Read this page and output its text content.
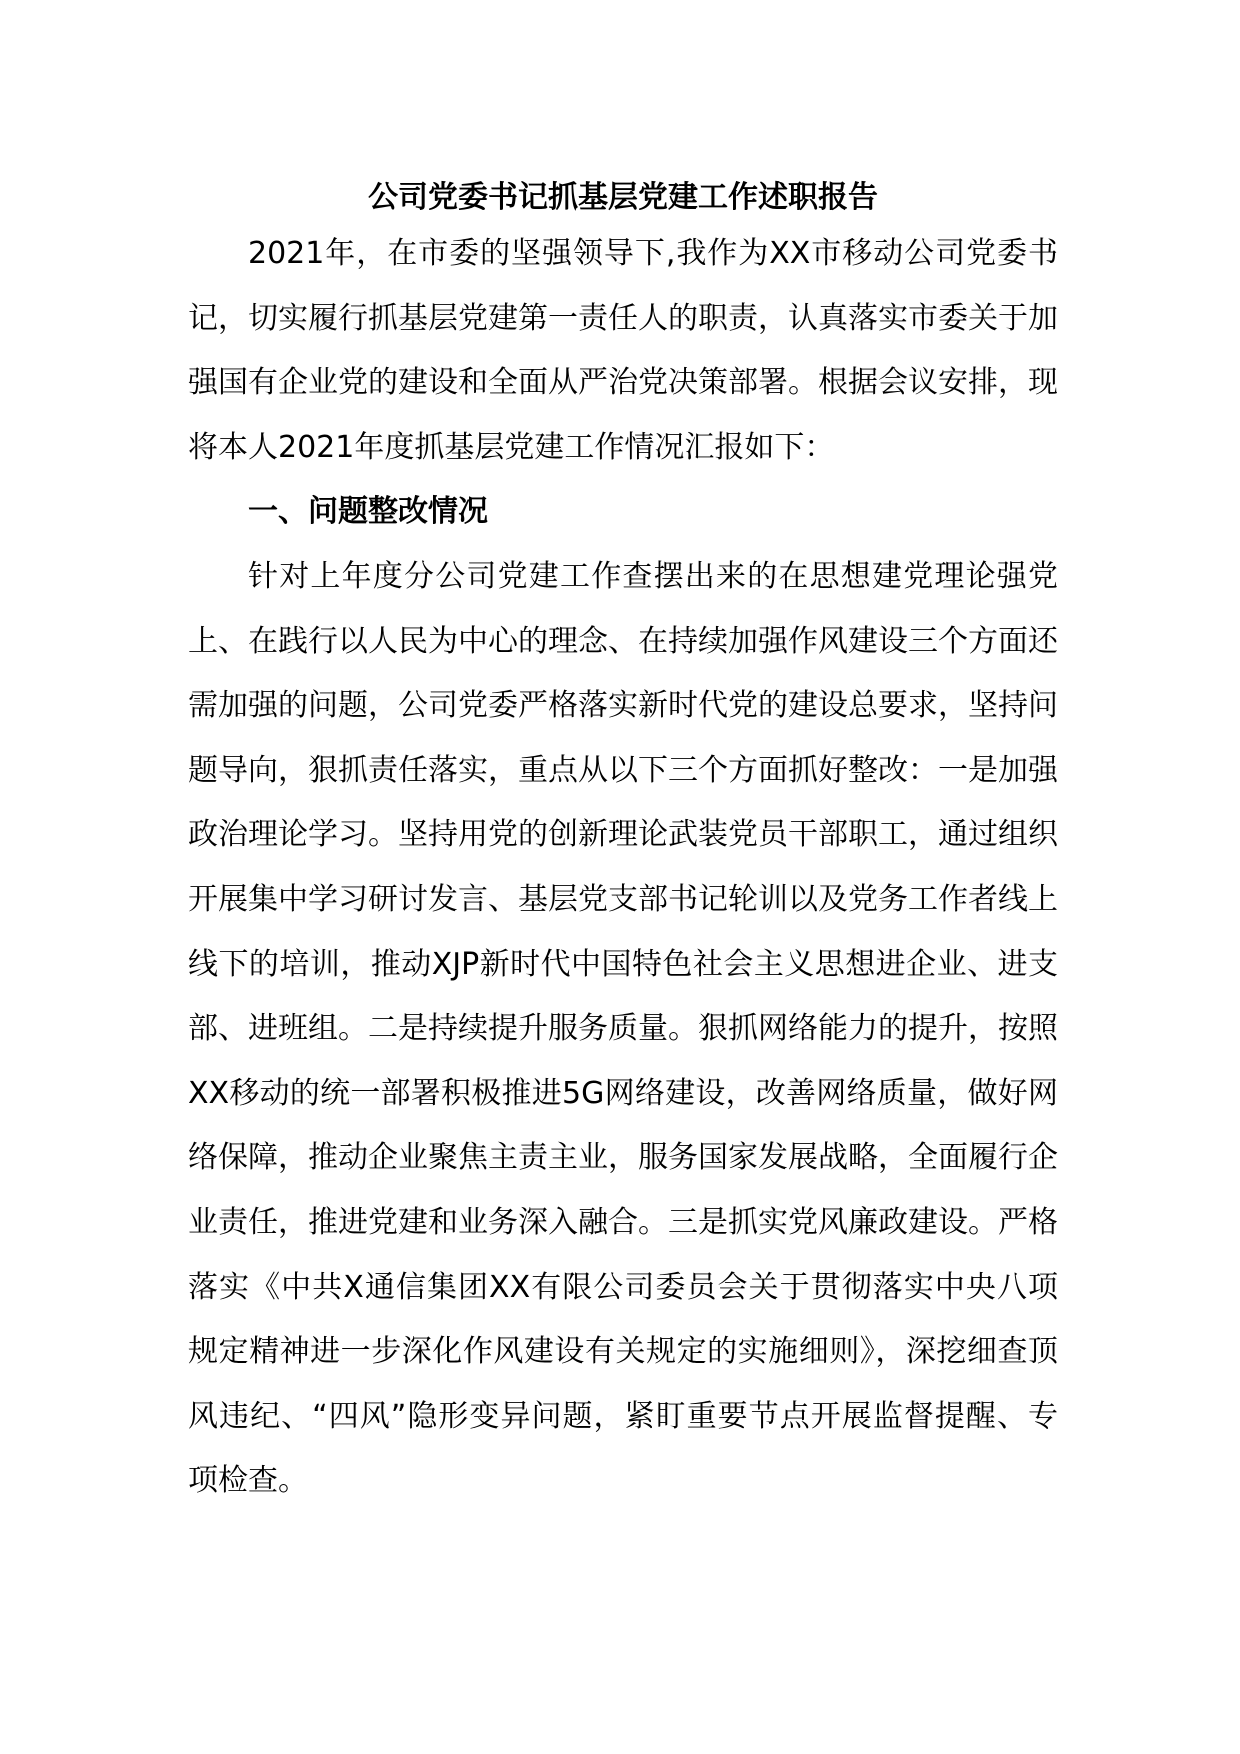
公司党委书记抓基层党建工作述职报告

2021年，在市委的坚强领导下,我作为XX市移动公司党委书记，切实履行抓基层党建第一责任人的职责，认真落实市委关于加强国有企业党的建设和全面从严治党决策部署。根据会议安排，现将本人2021年度抓基层党建工作情况汇报如下：

一、问题整改情况

针对上年度分公司党建工作查摆出来的在思想建党理论强党上、在践行以人民为中心的理念、在持续加强作风建设三个方面还需加强的问题，公司党委严格落实新时代党的建设总要求，坚持问题导向，狠抓责任落实，重点从以下三个方面抓好整改：一是加强政治理论学习。坚持用党的创新理论武装党员干部职工，通过组织开展集中学习研讨发言、基层党支部书记轮训以及党务工作者线上线下的培训，推动XJP新时代中国特色社会主义思想进企业、进支部、进班组。二是持续提升服务质量。狠抓网络能力的提升，按照XX移动的统一部署积极推进5G网络建设，改善网络质量，做好网络保障，推动企业聚焦主责主业，服务国家发展战略，全面履行企业责任，推进党建和业务深入融合。三是抓实党风廉政建设。严格落实《中共X通信集团XX有限公司委员会关于贯彻落实中央八项规定精神进一步深化作风建设有关规定的实施细则》，深挖细查顶风违纪、“四风”隐形变异问题，紧盯重要节点开展监督提醒、专项检查。
